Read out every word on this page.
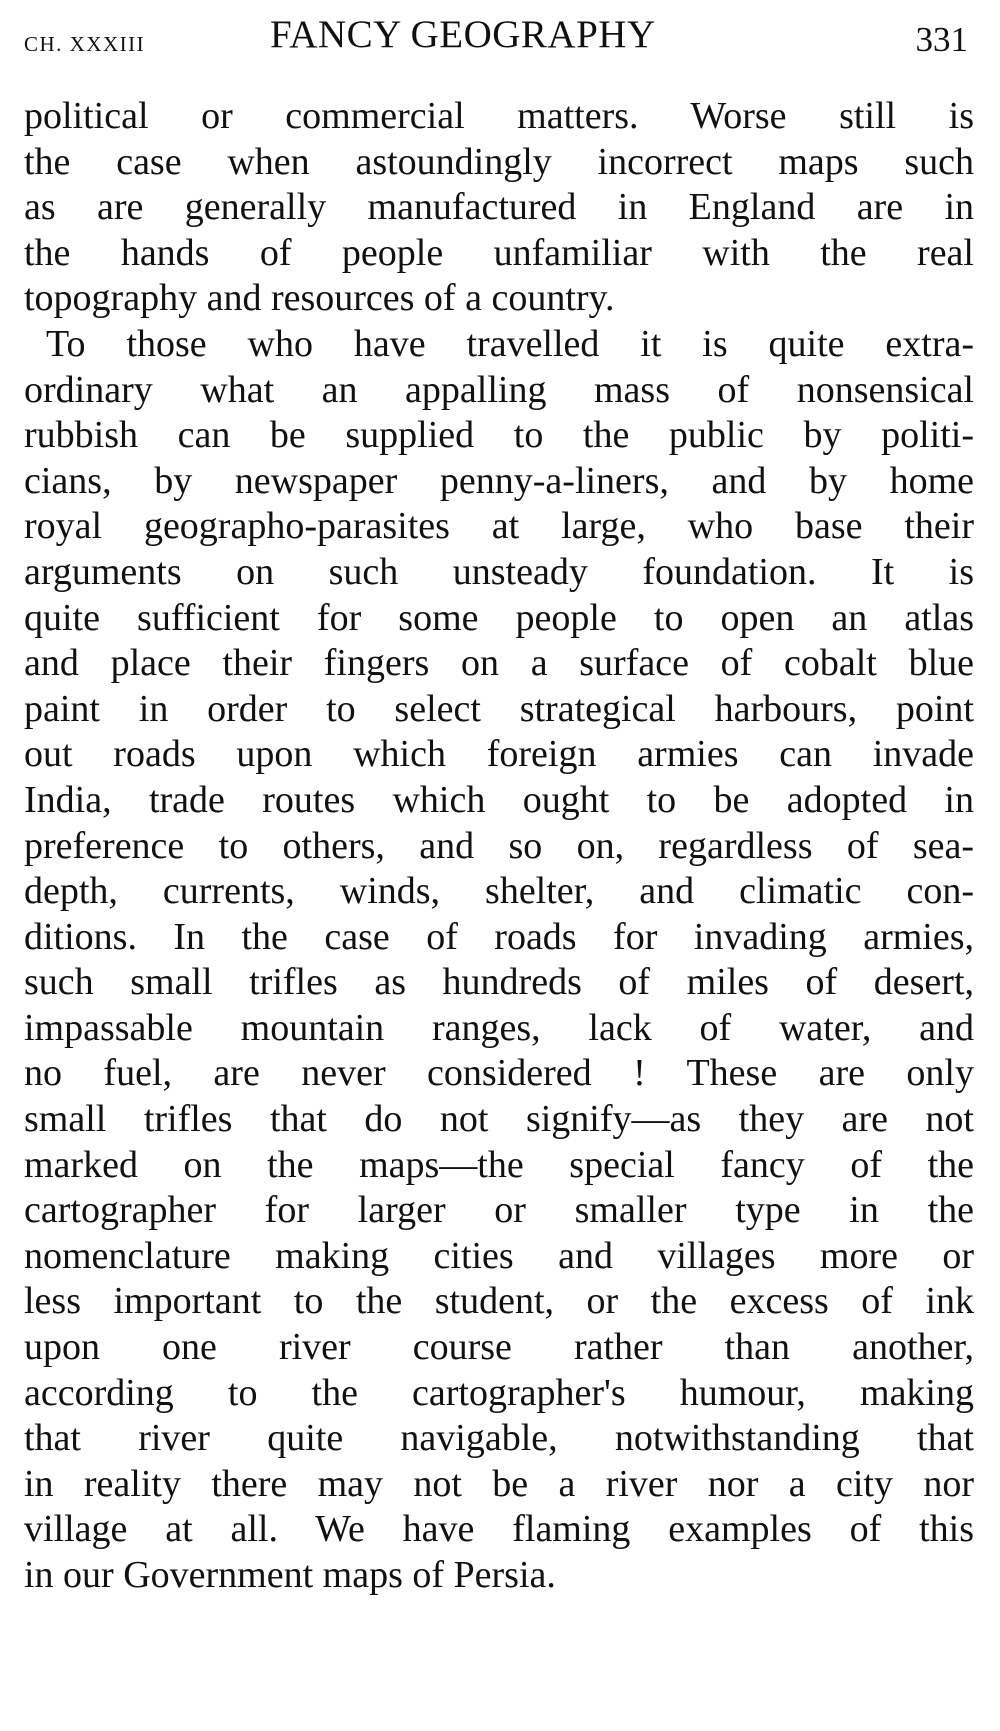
CH. XXXIII	FANCY GEOGRAPHY	331
political or commercial matters. Worse still is
the case when astoundingly incorrect maps such
as are generally manufactured in England are in
the hands of people unfamiliar with the real
topography and resources of a country.
To those who have travelled it is quite extra-
ordinary what an appalling mass of nonsensical
rubbish can be supplied to the public by politi-
cians, by newspaper penny-a-liners, and by home
royal geographo-parasites at large, who base their
arguments on such unsteady foundation. It is
quite sufficient for some people to open an atlas
and place their fingers on a surface of cobalt blue
paint in order to select strategical harbours, point
out roads upon which foreign armies can invade
India, trade routes which ought to be adopted in
preference to others, and so on, regardless of sea-
depth, currents, winds, shelter, and climatic con-
ditions. In the case of roads for invading armies,
such small trifles as hundreds of miles of desert,
impassable mountain ranges, lack of water, and
no fuel, are never considered ! These are only
small trifles that do not signify—as they are not
marked on the maps—the special fancy of the
cartographer for larger or smaller type in the
nomenclature making cities and villages more or
less important to the student, or the excess of ink
upon one river course rather than another,
according to the cartographer's humour, making
that river quite navigable, notwithstanding that
in reality there may not be a river nor a city nor
village at all. We have flaming examples of this
in our Government maps of Persia.
